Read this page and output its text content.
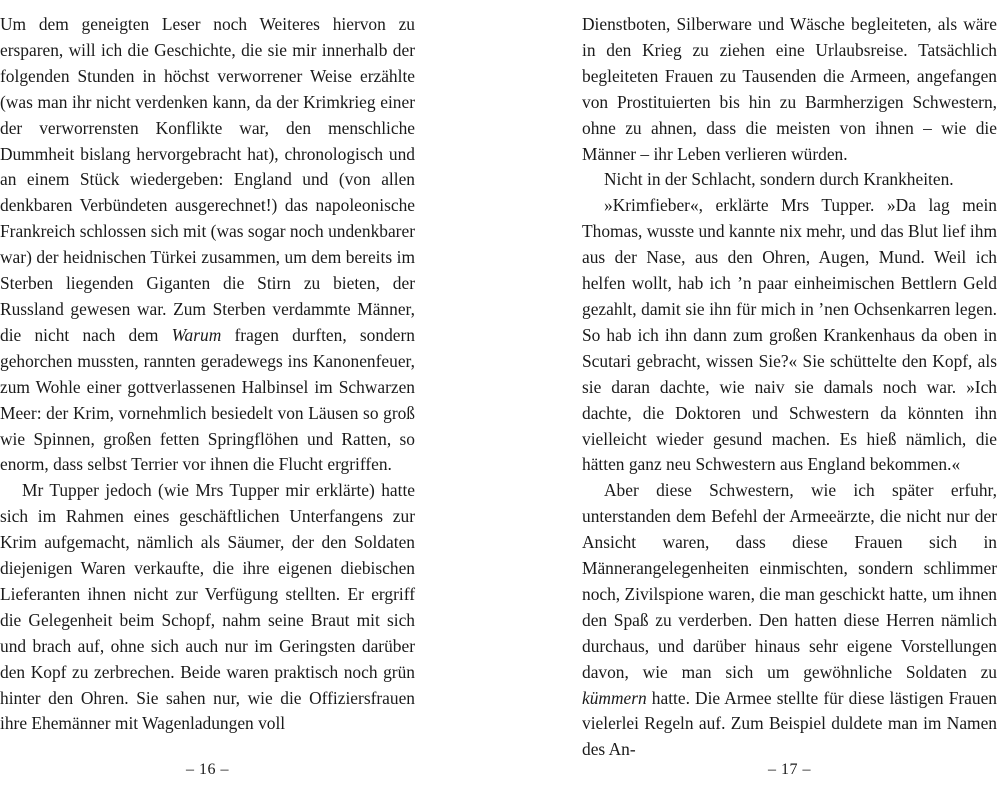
Um dem geneigten Leser noch Weiteres hiervon zu ersparen, will ich die Geschichte, die sie mir innerhalb der folgenden Stunden in höchst verworrener Weise erzählte (was man ihr nicht verdenken kann, da der Krimkrieg einer der verworrensten Konflikte war, den menschliche Dummheit bislang hervorgebracht hat), chronologisch und an einem Stück wiedergeben: England und (von allen denkbaren Verbündeten ausgerechnet!) das napoleonische Frankreich schlossen sich mit (was sogar noch undenkbarer war) der heidnischen Türkei zusammen, um dem bereits im Sterben liegenden Giganten die Stirn zu bieten, der Russland gewesen war. Zum Sterben verdammte Männer, die nicht nach dem Warum fragen durften, sondern gehorchen mussten, rannten geradewegs ins Kanonenfeuer, zum Wohle einer gottverlassenen Halbinsel im Schwarzen Meer: der Krim, vornehmlich besiedelt von Läusen so groß wie Spinnen, großen fetten Springflöhen und Ratten, so enorm, dass selbst Terrier vor ihnen die Flucht ergriffen.

Mr Tupper jedoch (wie Mrs Tupper mir erklärte) hatte sich im Rahmen eines geschäftlichen Unterfangens zur Krim aufgemacht, nämlich als Säumer, der den Soldaten diejenigen Waren verkaufte, die ihre eigenen diebischen Lieferanten ihnen nicht zur Verfügung stellten. Er ergriff die Gelegenheit beim Schopf, nahm seine Braut mit sich und brach auf, ohne sich auch nur im Geringsten darüber den Kopf zu zerbrechen. Beide waren praktisch noch grün hinter den Ohren. Sie sahen nur, wie die Offiziersfrauen ihre Ehemänner mit Wagenladungen voll

Dienstboten, Silberware und Wäsche begleiteten, als wäre in den Krieg zu ziehen eine Urlaubsreise. Tatsächlich begleiteten Frauen zu Tausenden die Armeen, angefangen von Prostituierten bis hin zu Barmherzigen Schwestern, ohne zu ahnen, dass die meisten von ihnen – wie die Männer – ihr Leben verlieren würden.

Nicht in der Schlacht, sondern durch Krankheiten.

»Krimfieber«, erklärte Mrs Tupper. »Da lag mein Thomas, wusste und kannte nix mehr, und das Blut lief ihm aus der Nase, aus den Ohren, Augen, Mund. Weil ich helfen wollt, hab ich ’n paar einheimischen Bettlern Geld gezahlt, damit sie ihn für mich in ’nen Ochsenkarren legen. So hab ich ihn dann zum großen Krankenhaus da oben in Scutari gebracht, wissen Sie?« Sie schüttelte den Kopf, als sie daran dachte, wie naiv sie damals noch war. »Ich dachte, die Doktoren und Schwestern da könnten ihn vielleicht wieder gesund machen. Es hieß nämlich, die hätten ganz neu Schwestern aus England bekommen.«

Aber diese Schwestern, wie ich später erfuhr, unterstanden dem Befehl der Armeeärzte, die nicht nur der Ansicht waren, dass diese Frauen sich in Männerangelegenheiten einmischten, sondern schlimmer noch, Zivilspione waren, die man geschickt hatte, um ihnen den Spaß zu verderben. Den hatten diese Herren nämlich durchaus, und darüber hinaus sehr eigene Vorstellungen davon, wie man sich um gewöhnliche Soldaten zu kümmern hatte. Die Armee stellte für diese lästigen Frauen vielerlei Regeln auf. Zum Beispiel duldete man im Namen des An-

– 16 –	– 17 –
